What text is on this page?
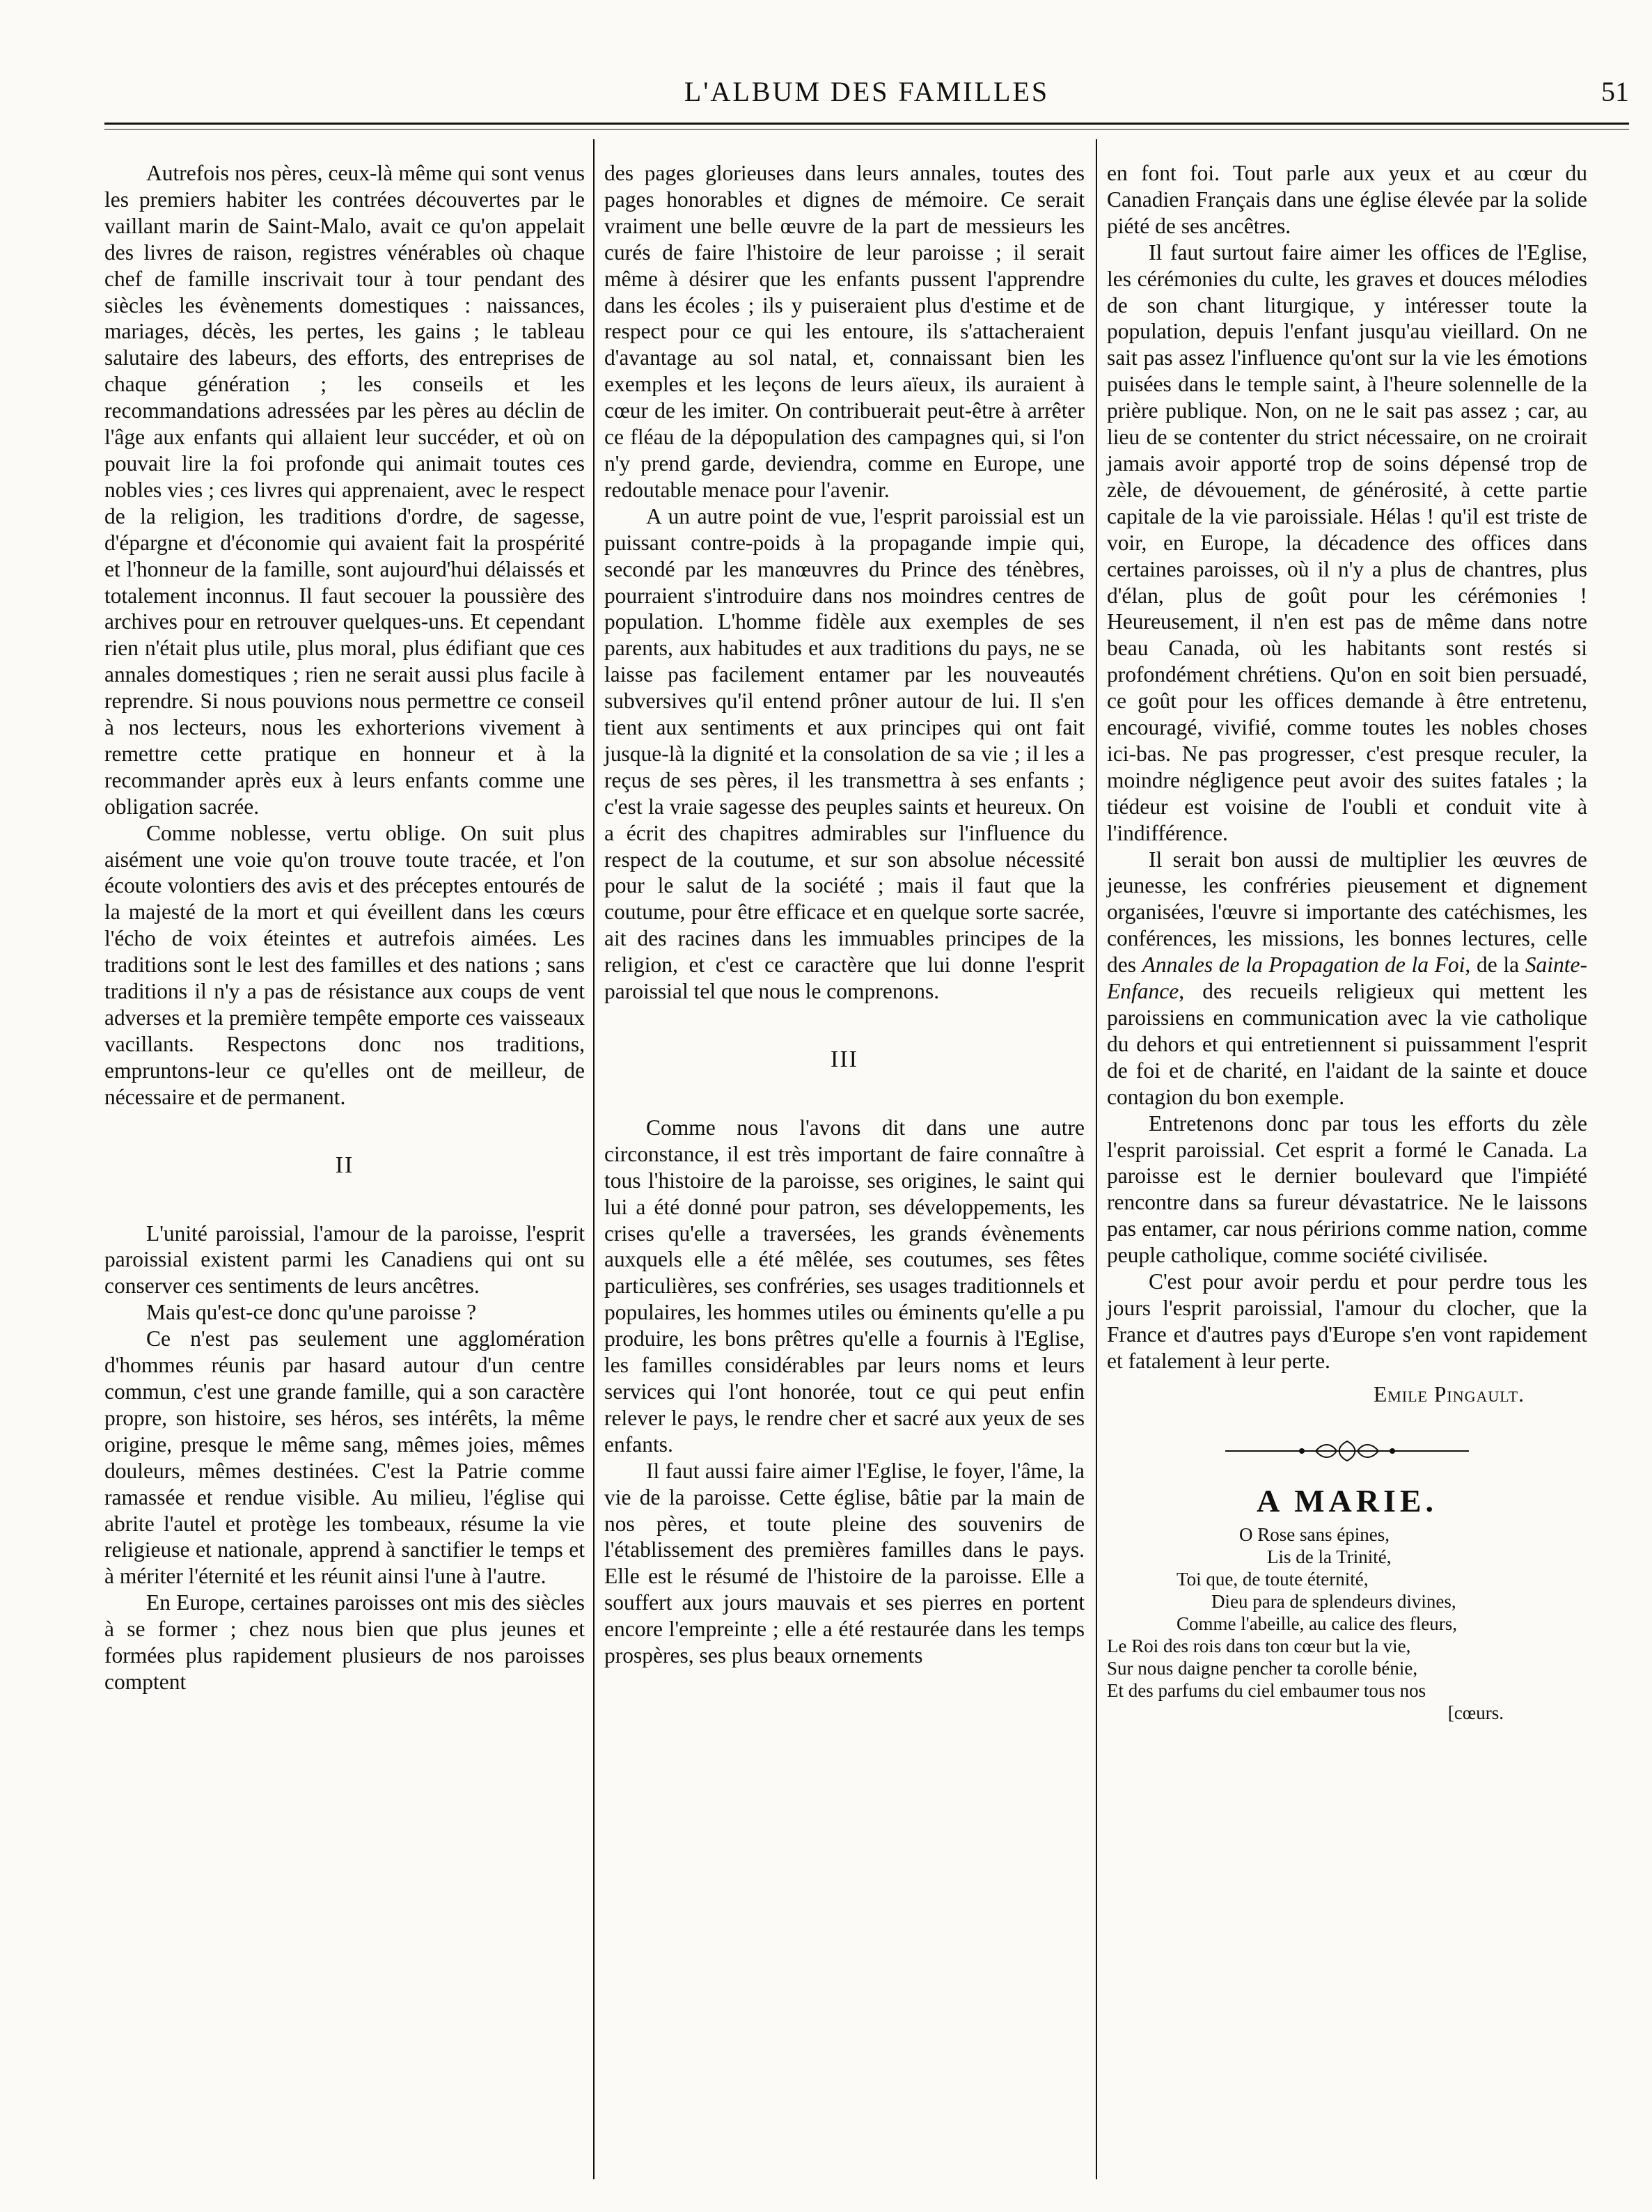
L'ALBUM DES FAMILLES	51

Autrefois nos pères, ceux-là même qui sont venus les premiers habiter les contrées découvertes par le vaillant marin de Saint-Malo, avait ce qu'on appelait des livres de raison, registres vénérables où chaque chef de famille inscrivait tour à tour pendant des siècles les évènements domestiques : naissances, mariages, décès, les pertes, les gains ; le tableau salutaire des labeurs, des efforts, des entreprises de chaque génération ; les conseils et les recommandations adressées par les pères au déclin de l'âge aux enfants qui allaient leur succéder, et où on pouvait lire la foi profonde qui animait toutes ces nobles vies ; ces livres qui apprenaient, avec le respect de la religion, les traditions d'ordre, de sagesse, d'épargne et d'économie qui avaient fait la prospérité et l'honneur de la famille, sont aujourd'hui délaissés et totalement inconnus. Il faut secouer la poussière des archives pour en retrouver quelques-uns. Et cependant rien n'était plus utile, plus moral, plus édifiant que ces annales domestiques ; rien ne serait aussi plus facile à reprendre. Si nous pouvions nous permettre ce conseil à nos lecteurs, nous les exhorterions vivement à remettre cette pratique en honneur et à la recommander après eux à leurs enfants comme une obligation sacrée.

Comme noblesse, vertu oblige. On suit plus aisément une voie qu'on trouve toute tracée, et l'on écoute volontiers des avis et des préceptes entourés de la majesté de la mort et qui éveillent dans les cœurs l'écho de voix éteintes et autrefois aimées. Les traditions sont le lest des familles et des nations ; sans traditions il n'y a pas de résistance aux coups de vent adverses et la première tempête emporte ces vaisseaux vacillants. Respectons donc nos traditions, empruntons-leur ce qu'elles ont de meilleur, de nécessaire et de permanent.

II

L'unité paroissial, l'amour de la paroisse, l'esprit paroissial existent parmi les Canadiens qui ont su conserver ces sentiments de leurs ancêtres.

Mais qu'est-ce donc qu'une paroisse ?

Ce n'est pas seulement une agglomération d'hommes réunis par hasard autour d'un centre commun, c'est une grande famille, qui a son caractère propre, son histoire, ses héros, ses intérêts, la même origine, presque le même sang, mêmes joies, mêmes douleurs, mêmes destinées. C'est la Patrie comme ramassée et rendue visible. Au milieu, l'église qui abrite l'autel et protège les tombeaux, résume la vie religieuse et nationale, apprend à sanctifier le temps et à mériter l'éternité et les réunit ainsi l'une à l'autre.

En Europe, certaines paroisses ont mis des siècles à se former ; chez nous bien que plus jeunes et formées plus rapidement plusieurs de nos paroisses comptent

des pages glorieuses dans leurs annales, toutes des pages honorables et dignes de mémoire. Ce serait vraiment une belle œuvre de la part de messieurs les curés de faire l'histoire de leur paroisse ; il serait même à désirer que les enfants pussent l'apprendre dans les écoles ; ils y puiseraient plus d'estime et de respect pour ce qui les entoure, ils s'attacheraient d'avantage au sol natal, et, connaissant bien les exemples et les leçons de leurs aïeux, ils auraient à cœur de les imiter. On contribuerait peut-être à arrêter ce fléau de la dépopulation des campagnes qui, si l'on n'y prend garde, deviendra, comme en Europe, une redoutable menace pour l'avenir.

A un autre point de vue, l'esprit paroissial est un puissant contre-poids à la propagande impie qui, secondé par les manœuvres du Prince des ténèbres, pourraient s'introduire dans nos moindres centres de population. L'homme fidèle aux exemples de ses parents, aux habitudes et aux traditions du pays, ne se laisse pas facilement entamer par les nouveautés subversives qu'il entend prôner autour de lui. Il s'en tient aux sentiments et aux principes qui ont fait jusque-là la dignité et la consolation de sa vie ; il les a reçus de ses pères, il les transmettra à ses enfants ; c'est la vraie sagesse des peuples saints et heureux. On a écrit des chapitres admirables sur l'influence du respect de la coutume, et sur son absolue nécessité pour le salut de la société ; mais il faut que la coutume, pour être efficace et en quelque sorte sacrée, ait des racines dans les immuables principes de la religion, et c'est ce caractère que lui donne l'esprit paroissial tel que nous le comprenons.

III

Comme nous l'avons dit dans une autre circonstance, il est très important de faire connaître à tous l'histoire de la paroisse, ses origines, le saint qui lui a été donné pour patron, ses développements, les crises qu'elle a traversées, les grands évènements auxquels elle a été mêlée, ses coutumes, ses fêtes particulières, ses confréries, ses usages traditionnels et populaires, les hommes utiles ou éminents qu'elle a pu produire, les bons prêtres qu'elle a fournis à l'Eglise, les familles considérables par leurs noms et leurs services qui l'ont honorée, tout ce qui peut enfin relever le pays, le rendre cher et sacré aux yeux de ses enfants.

Il faut aussi faire aimer l'Eglise, le foyer, l'âme, la vie de la paroisse. Cette église, bâtie par la main de nos pères, et toute pleine des souvenirs de l'établissement des premières familles dans le pays. Elle est le résumé de l'histoire de la paroisse. Elle a souffert aux jours mauvais et ses pierres en portent encore l'empreinte ; elle a été restaurée dans les temps prospères, ses plus beaux ornements

en font foi. Tout parle aux yeux et au cœur du Canadien Français dans une église élevée par la solide piété de ses ancêtres.

Il faut surtout faire aimer les offices de l'Eglise, les cérémonies du culte, les graves et douces mélodies de son chant liturgique, y intéresser toute la population, depuis l'enfant jusqu'au vieillard. On ne sait pas assez l'influence qu'ont sur la vie les émotions puisées dans le temple saint, à l'heure solennelle de la prière publique. Non, on ne le sait pas assez ; car, au lieu de se contenter du strict nécessaire, on ne croirait jamais avoir apporté trop de soins dépensé trop de zèle, de dévouement, de générosité, à cette partie capitale de la vie paroissiale. Hélas ! qu'il est triste de voir, en Europe, la décadence des offices dans certaines paroisses, où il n'y a plus de chantres, plus d'élan, plus de goût pour les cérémonies ! Heureusement, il n'en est pas de même dans notre beau Canada, où les habitants sont restés si profondément chrétiens. Qu'on en soit bien persuadé, ce goût pour les offices demande à être entretenu, encouragé, vivifié, comme toutes les nobles choses ici-bas. Ne pas progresser, c'est presque reculer, la moindre négligence peut avoir des suites fatales ; la tiédeur est voisine de l'oubli et conduit vite à l'indifférence.

Il serait bon aussi de multiplier les œuvres de jeunesse, les confréries pieusement et dignement organisées, l'œuvre si importante des catéchismes, les conférences, les missions, les bonnes lectures, celle des Annales de la Propagation de la Foi, de la Sainte-Enfance, des recueils religieux qui mettent les paroissiens en communication avec la vie catholique du dehors et qui entretiennent si puissamment l'esprit de foi et de charité, en l'aidant de la sainte et douce contagion du bon exemple.

Entretenons donc par tous les efforts du zèle l'esprit paroissial. Cet esprit a formé le Canada. La paroisse est le dernier boulevard que l'impiété rencontre dans sa fureur dévastatrice. Ne le laissons pas entamer, car nous péririons comme nation, comme peuple catholique, comme société civilisée.

C'est pour avoir perdu et pour perdre tous les jours l'esprit paroissial, l'amour du clocher, que la France et d'autres pays d'Europe s'en vont rapidement et fatalement à leur perte.

Emile Pingault.
A MARIE.
O Rose sans épines,
Lis de la Trinité,
Toi que, de toute éternité,
Dieu para de splendeurs divines,
Comme l'abeille, au calice des fleurs,
Le Roi des rois dans ton cœur but la vie,
Sur nous daigne pencher ta corolle bénie,
Et des parfums du ciel embaumer tous nos
[cœurs.
